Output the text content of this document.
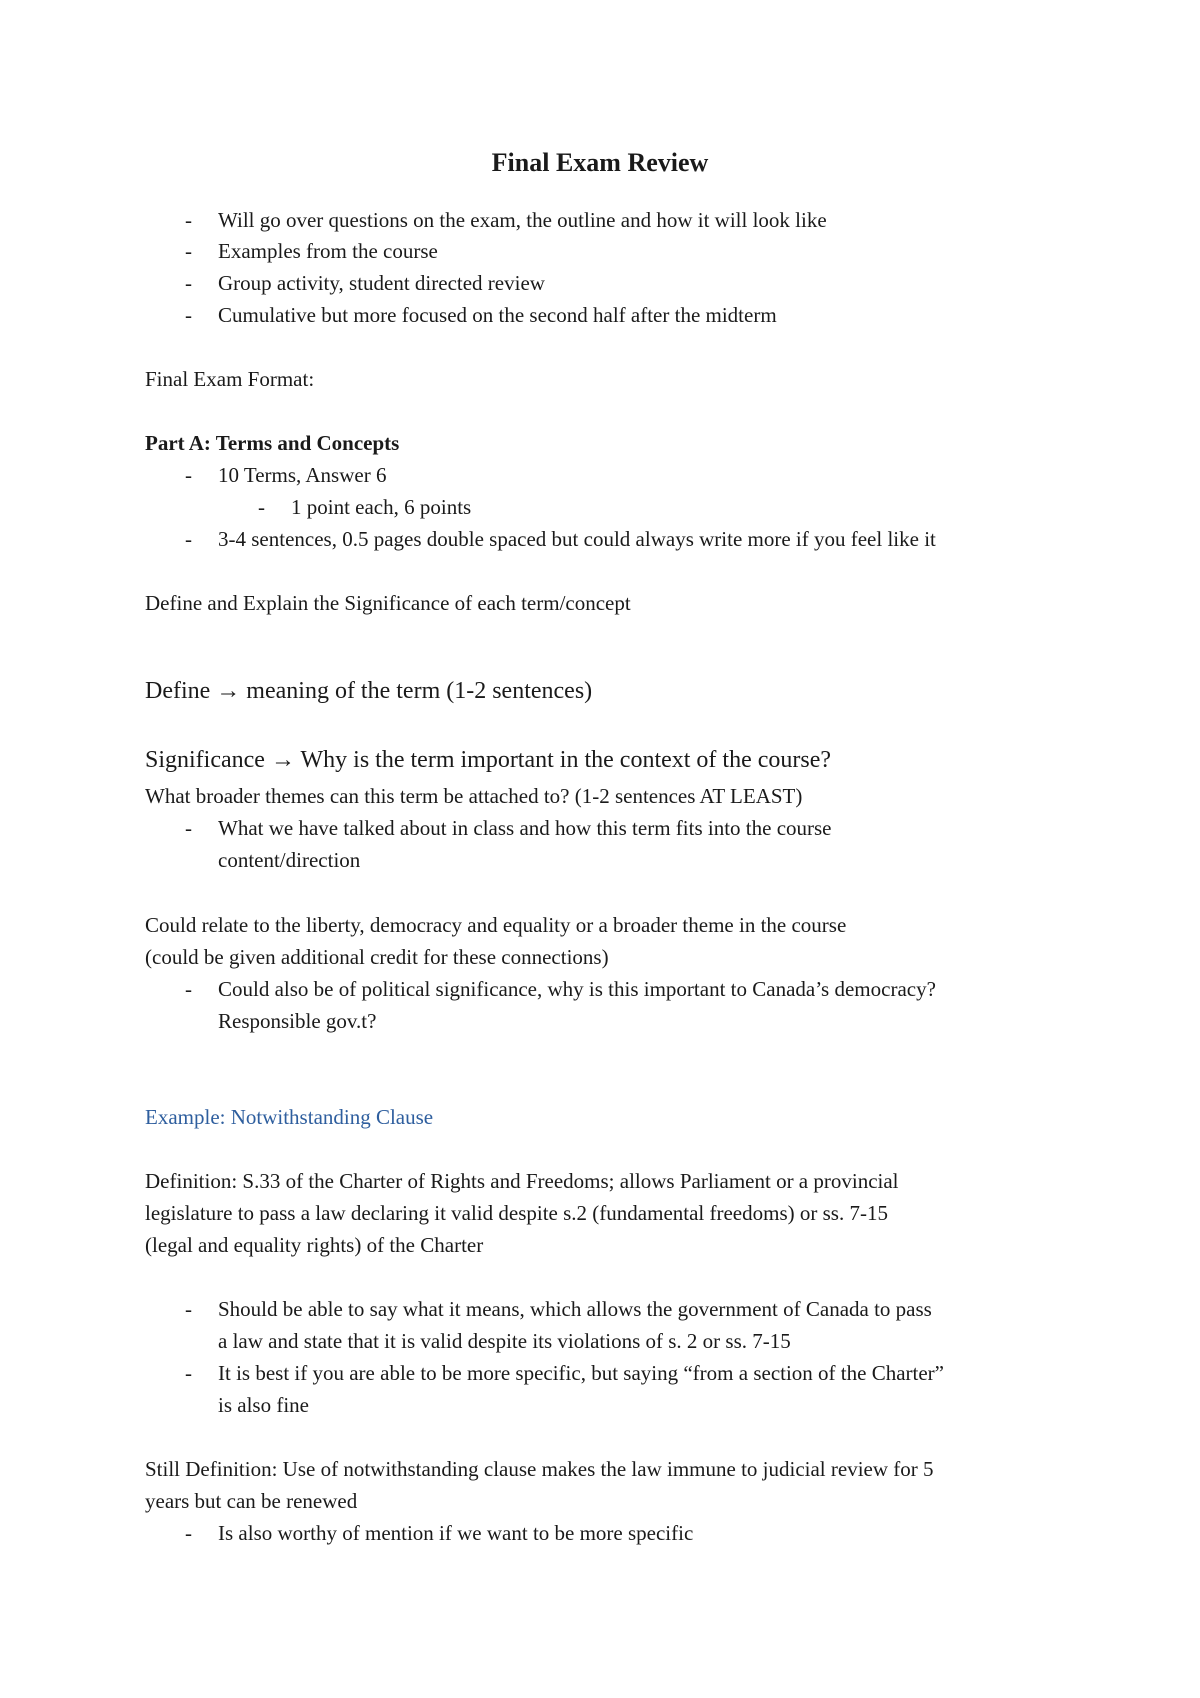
Final Exam Review
- Will go over questions on the exam, the outline and how it will look like
- Examples from the course
- Group activity, student directed review
- Cumulative but more focused on the second half after the midterm
Final Exam Format:
Part A: Terms and Concepts
- 10 Terms, Answer 6
- 1 point each, 6 points
- 3-4 sentences, 0.5 pages double spaced but could always write more if you feel like it
Define and Explain the Significance of each term/concept
Define → meaning of the term (1-2 sentences)
Significance → Why is the term important in the context of the course?
What broader themes can this term be attached to? (1-2 sentences AT LEAST)
- What we have talked about in class and how this term fits into the course
content/direction
Could relate to the liberty, democracy and equality or a broader theme in the course
(could be given additional credit for these connections)
- Could also be of political significance, why is this important to Canada’s democracy?
Responsible gov.t?
Example: Notwithstanding Clause
Definition: S.33 of the Charter of Rights and Freedoms; allows Parliament or a provincial
legislature to pass a law declaring it valid despite s.2 (fundamental freedoms) or ss. 7-15
(legal and equality rights) of the Charter
- Should be able to say what it means, which allows the government of Canada to pass
a law and state that it is valid despite its violations of s. 2 or ss. 7-15
- It is best if you are able to be more specific, but saying “from a section of the Charter”
is also fine
Still Definition: Use of notwithstanding clause makes the law immune to judicial review for 5
years but can be renewed
- Is also worthy of mention if we want to be more specific
